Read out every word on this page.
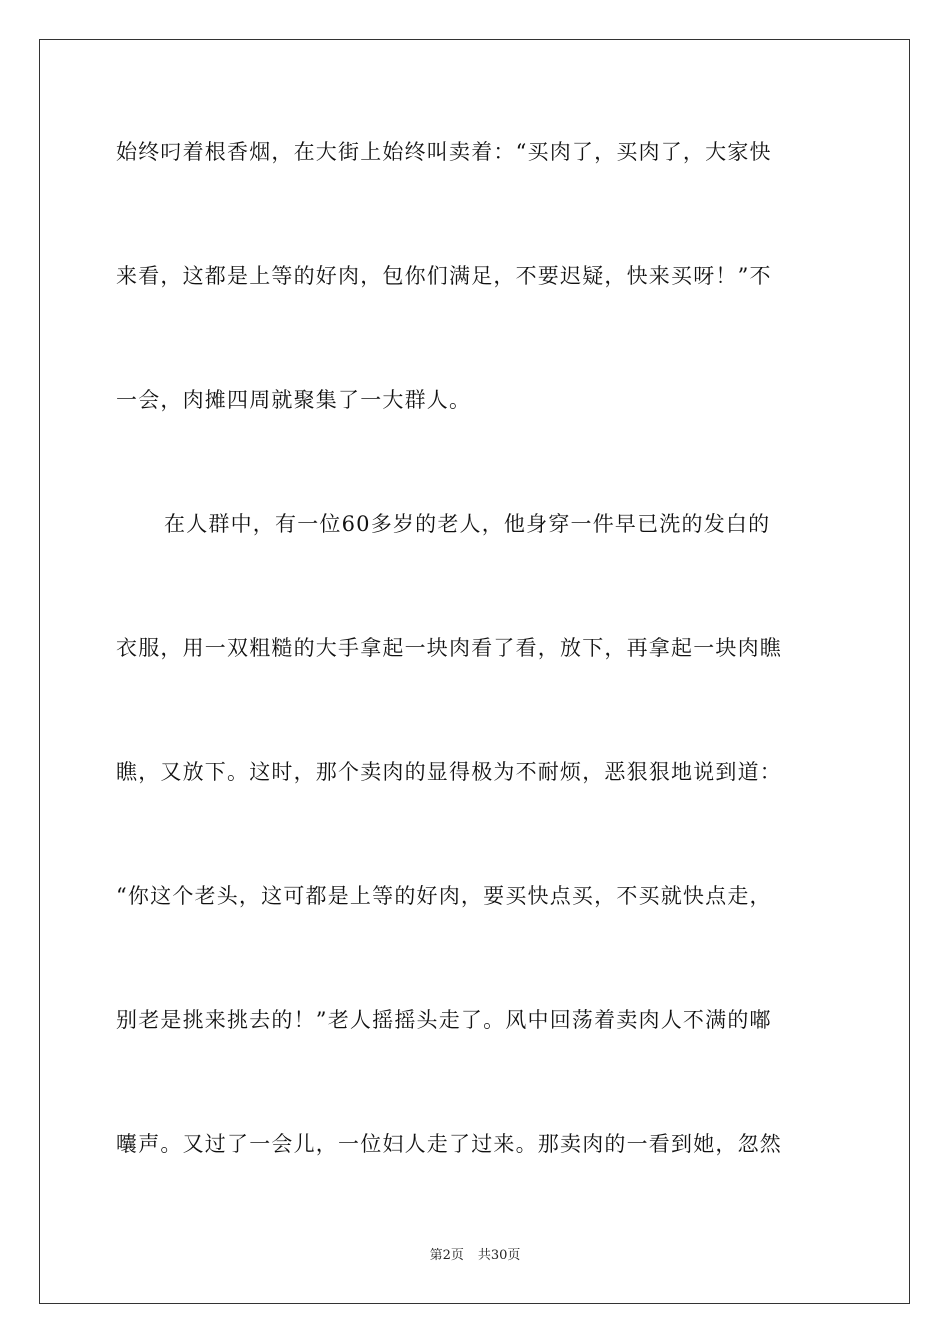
始终叼着根香烟，在大街上始终叫卖着：“买肉了，买肉了，大家快
来看，这都是上等的好肉，包你们满足，不要迟疑，快来买呀！”不
一会，肉摊四周就聚集了一大群人。
在人群中，有一位60多岁的老人，他身穿一件早已洗的发白的
衣服，用一双粗糙的大手拿起一块肉看了看，放下，再拿起一块肉瞧
瞧，又放下。这时，那个卖肉的显得极为不耐烦，恶狠狠地说到道：
“你这个老头，这可都是上等的好肉，要买快点买，不买就快点走，
别老是挑来挑去的！”老人摇摇头走了。风中回荡着卖肉人不满的嘟
囔声。又过了一会儿，一位妇人走了过来。那卖肉的一看到她，忽然
第2页 共30页
